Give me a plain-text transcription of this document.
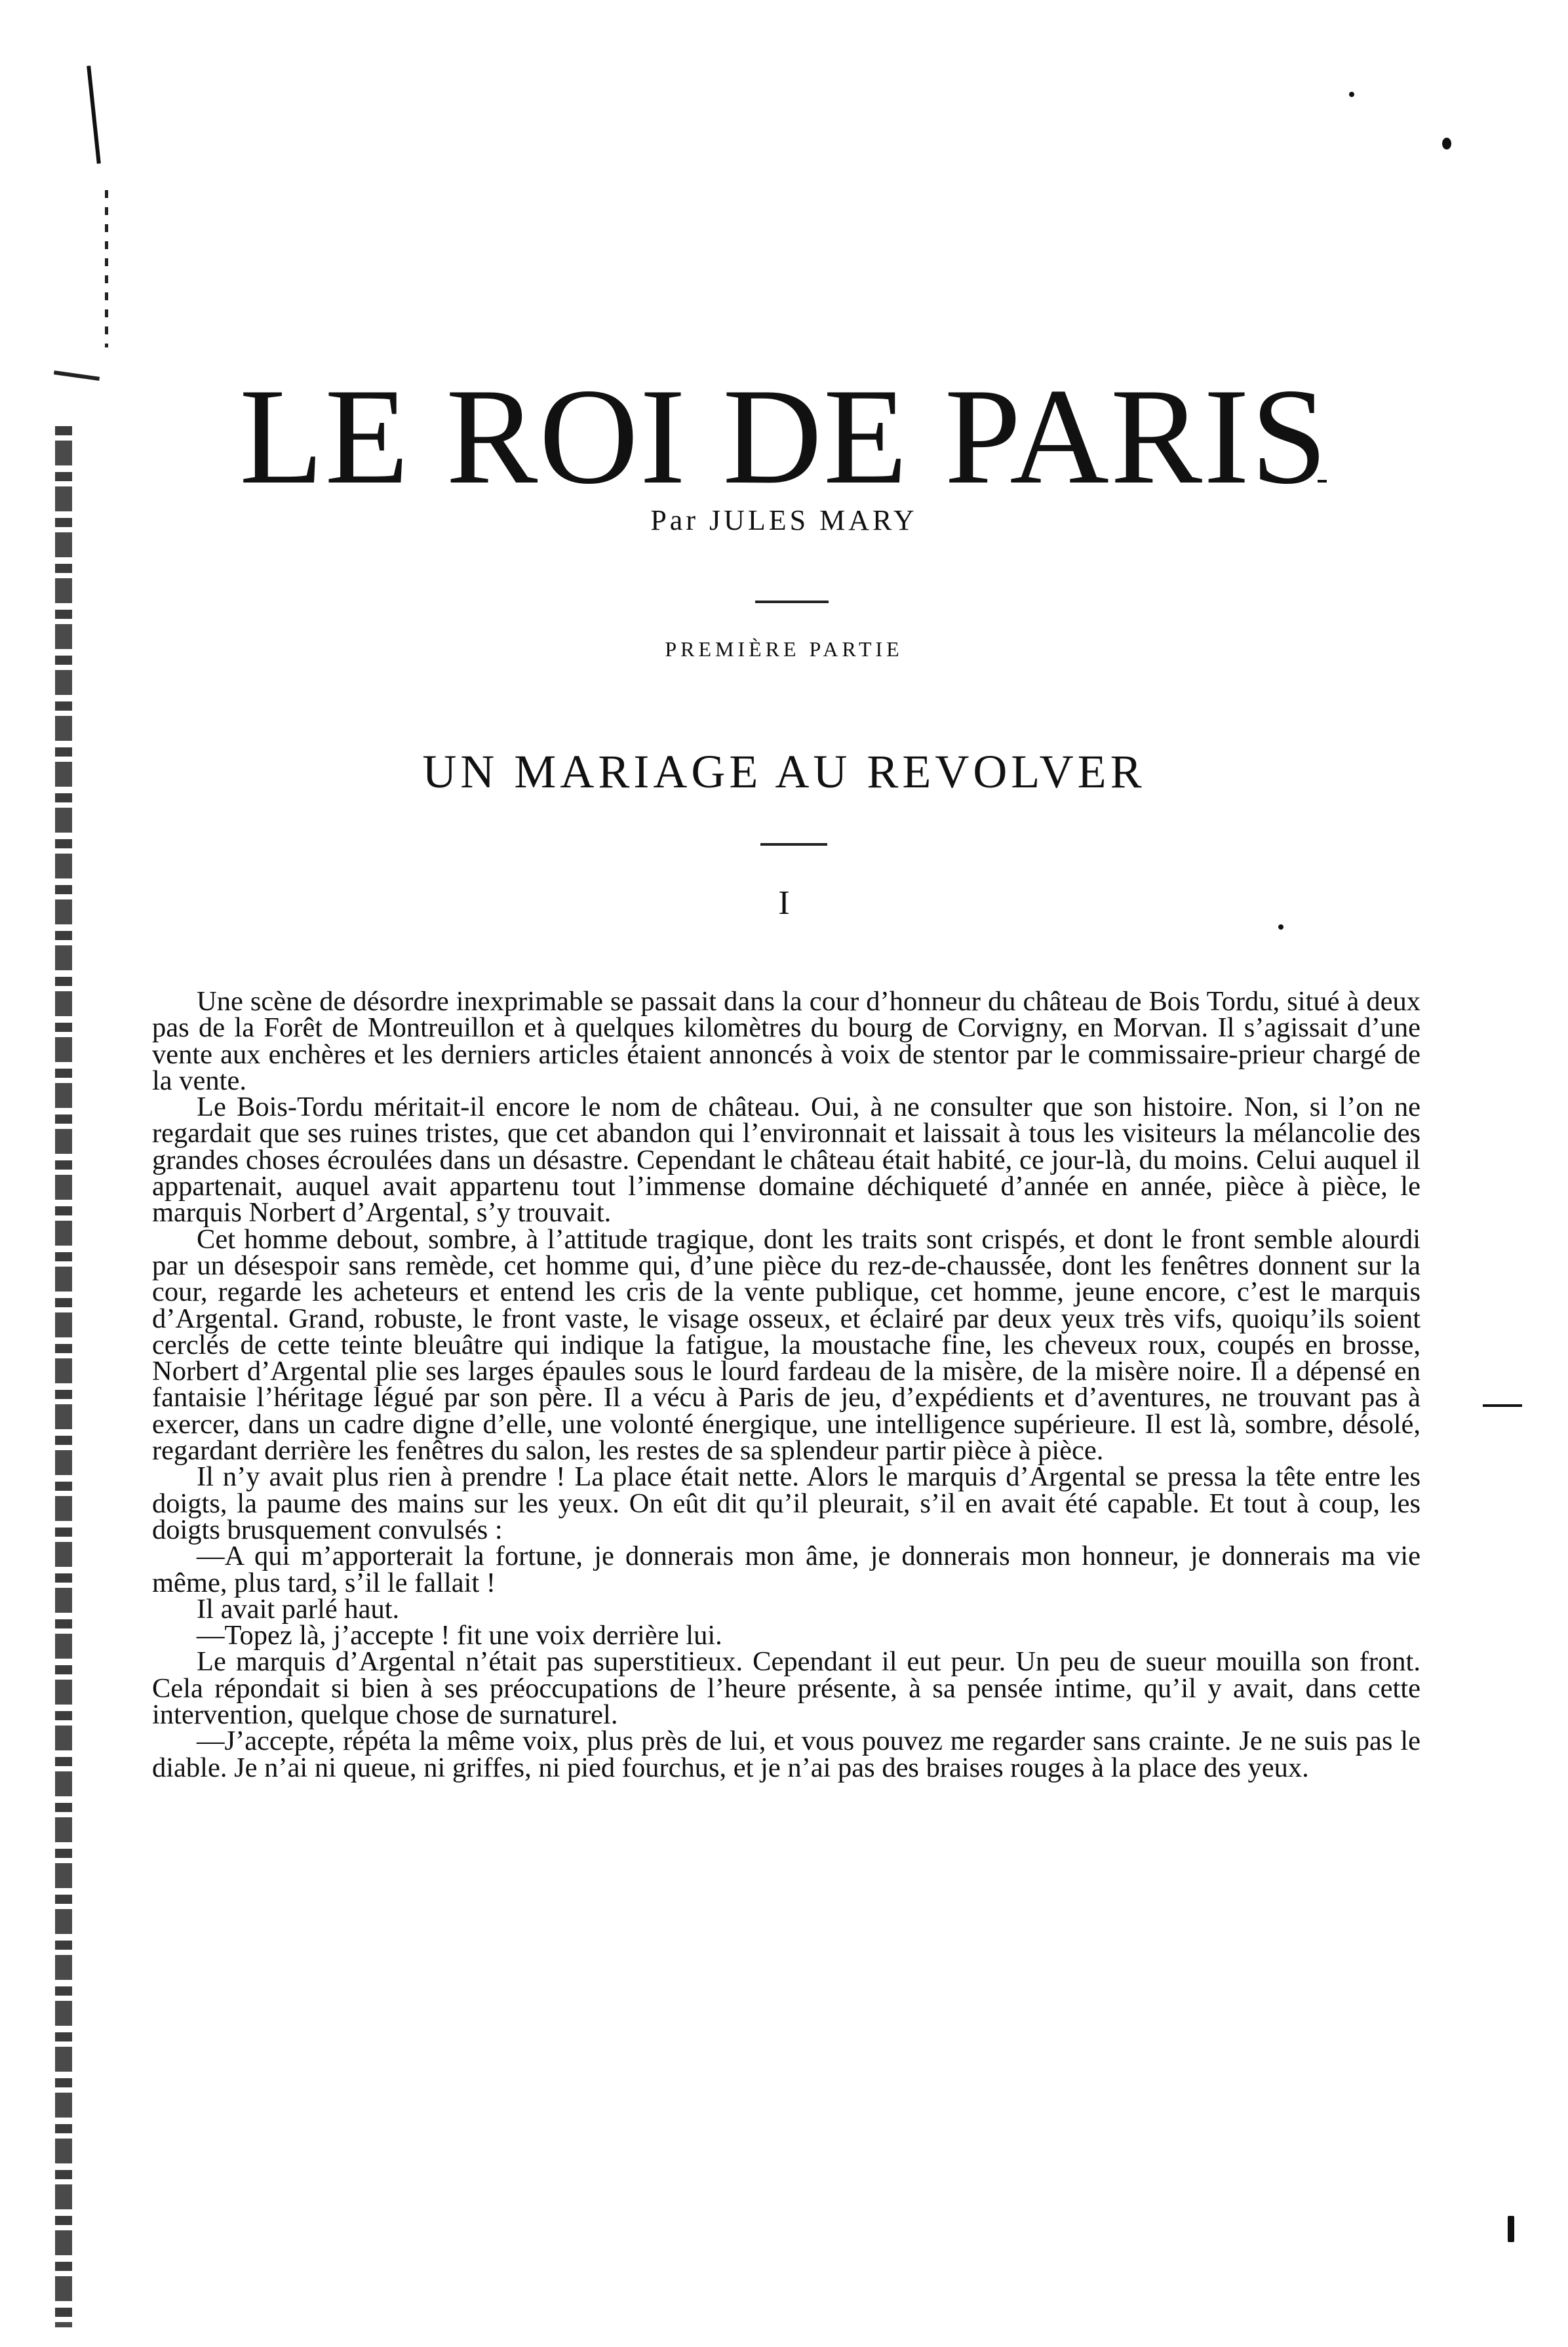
LE ROI DE PARIS
Par JULES MARY
PREMIÈRE PARTIE
UN MARIAGE AU REVOLVER
I

Une scène de désordre inexprimable se passait dans la cour d’honneur du château de Bois Tordu, situé à deux pas de la Forêt de Montreuillon et à quelques kilomètres du bourg de Corvigny, en Morvan. Il s’agissait d’une vente aux enchères et les derniers articles étaient annoncés à voix de stentor par le commissaire-prieur chargé de la vente.

Le Bois-Tordu méritait-il encore le nom de château. Oui, à ne consulter que son histoire. Non, si l’on ne regardait que ses ruines tristes, que cet abandon qui l’environnait et laissait à tous les visiteurs la mélancolie des grandes choses écroulées dans un désastre. Cependant le château était habité, ce jour-là, du moins. Celui auquel il appartenait, auquel avait appartenu tout l’immense domaine déchiqueté d’année en année, pièce à pièce, le marquis Norbert d’Argental, s’y trouvait.

Cet homme debout, sombre, à l’attitude tragique, dont les traits sont crispés, et dont le front semble alourdi par un désespoir sans remède, cet homme qui, d’une pièce du rez-de-chaussée, dont les fenêtres donnent sur la cour, regarde les acheteurs et entend les cris de la vente publique, cet homme, jeune encore, c’est le marquis d’Argental. Grand, robuste, le front vaste, le visage osseux, et éclairé par deux yeux très vifs, quoiqu’ils soient cerclés de cette teinte bleuâtre qui indique la fatigue, la moustache fine, les cheveux roux, coupés en brosse, Norbert d’Argental plie ses larges épaules sous le lourd fardeau de la misère, de la misère noire. Il a dépensé en fantaisie l’héritage légué par son père. Il a vécu à Paris de jeu, d’expédients et d’aventures, ne trouvant pas à exercer, dans un cadre digne d’elle, une volonté énergique, une intelligence supérieure. Il est là, sombre, désolé, regardant derrière les fenêtres du salon, les restes de sa splendeur partir pièce à pièce.

Il n’y avait plus rien à prendre ! La place était nette. Alors le marquis d’Argental se pressa la tête entre les doigts, la paume des mains sur les yeux. On eût dit qu’il pleurait, s’il en avait été capable. Et tout à coup, les doigts brusquement convulsés :

—A qui m’apporterait la fortune, je donnerais mon âme, je donnerais mon honneur, je donnerais ma vie même, plus tard, s’il le fallait !

Il avait parlé haut.

—Topez là, j’accepte ! fit une voix derrière lui.

Le marquis d’Argental n’était pas superstitieux. Cependant il eut peur. Un peu de sueur mouilla son front. Cela répondait si bien à ses préoccupations de l’heure présente, à sa pensée intime, qu’il y avait, dans cette intervention, quelque chose de surnaturel.

—J’accepte, répéta la même voix, plus près de lui, et vous pouvez me regarder sans crainte. Je ne suis pas le diable. Je n’ai ni queue, ni griffes, ni pied fourchus, et je n’ai pas des braises rouges à la place des yeux.
